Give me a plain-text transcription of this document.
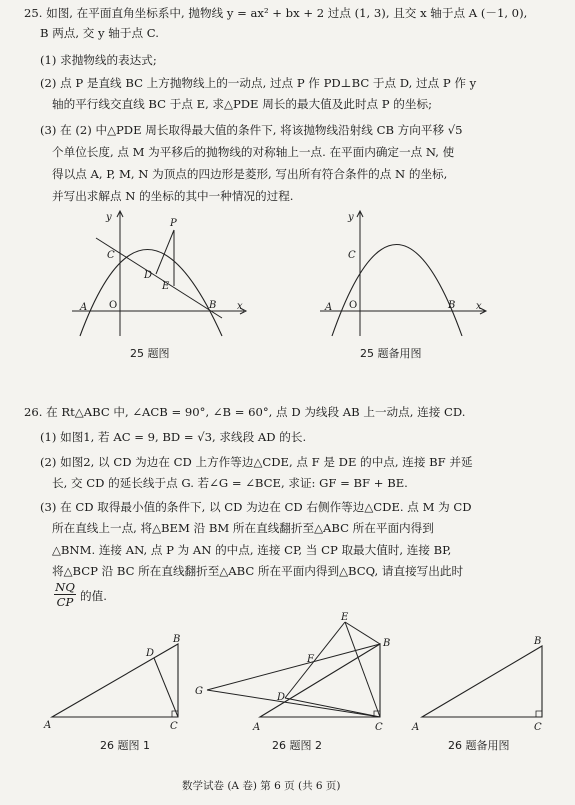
25. 如图, 在平面直角坐标系中, 抛物线 y = ax² + bx + 2 过点 (1, 3), 且交 x 轴于点 A (－1, 0),
B 两点, 交 y 轴于点 C.
(1) 求抛物线的表达式;
(2) 点 P 是直线 BC 上方抛物线上的一动点, 过点 P 作 PD⊥BC 于点 D, 过点 P 作 y
轴的平行线交直线 BC 于点 E, 求△PDE 周长的最大值及此时点 P 的坐标;
(3) 在 (2) 中△PDE 周长取得最大值的条件下, 将该抛物线沿射线 CB 方向平移 √5
个单位长度, 点 M 为平移后的抛物线的对称轴上一点. 在平面内确定一点 N, 使
得以点 A, P, M, N 为顶点的四边形是菱形, 写出所有符合条件的点 N 的坐标,
并写出求解点 N 的坐标的其中一种情况的过程.
A O	B x
y
C
P
D
E
25 题图
A O	B x
y
C
25 题备用图
26. 在 Rt△ABC 中, ∠ACB = 90°, ∠B = 60°, 点 D 为线段 AB 上一动点, 连接 CD.
(1) 如图1, 若 AC = 9, BD = √3, 求线段 AD 的长.
(2) 如图2, 以 CD 为边在 CD 上方作等边△CDE, 点 F 是 DE 的中点, 连接 BF 并延
长, 交 CD 的延长线于点 G. 若∠G = ∠BCE, 求证: GF = BF + BE.
(3) 在 CD 取得最小值的条件下, 以 CD 为边在 CD 右侧作等边△CDE. 点 M 为 CD
所在直线上一点, 将△BEM 沿 BM 所在直线翻折至△ABC 所在平面内得到
△BNM. 连接 AN, 点 P 为 AN 的中点, 连接 CP, 当 CP 取最大值时, 连接 BP,
将△BCP 沿 BC 所在直线翻折至△ABC 所在平面内得到△BCQ, 请直接写出此时
NQ
CP 的值.
A	C
B
D
26 题图 1
E
F
B
G
D
A	C
26 题图 2
A	C
B
26 题备用图
数学试卷 (A 卷) 第 6 页 (共 6 页)
